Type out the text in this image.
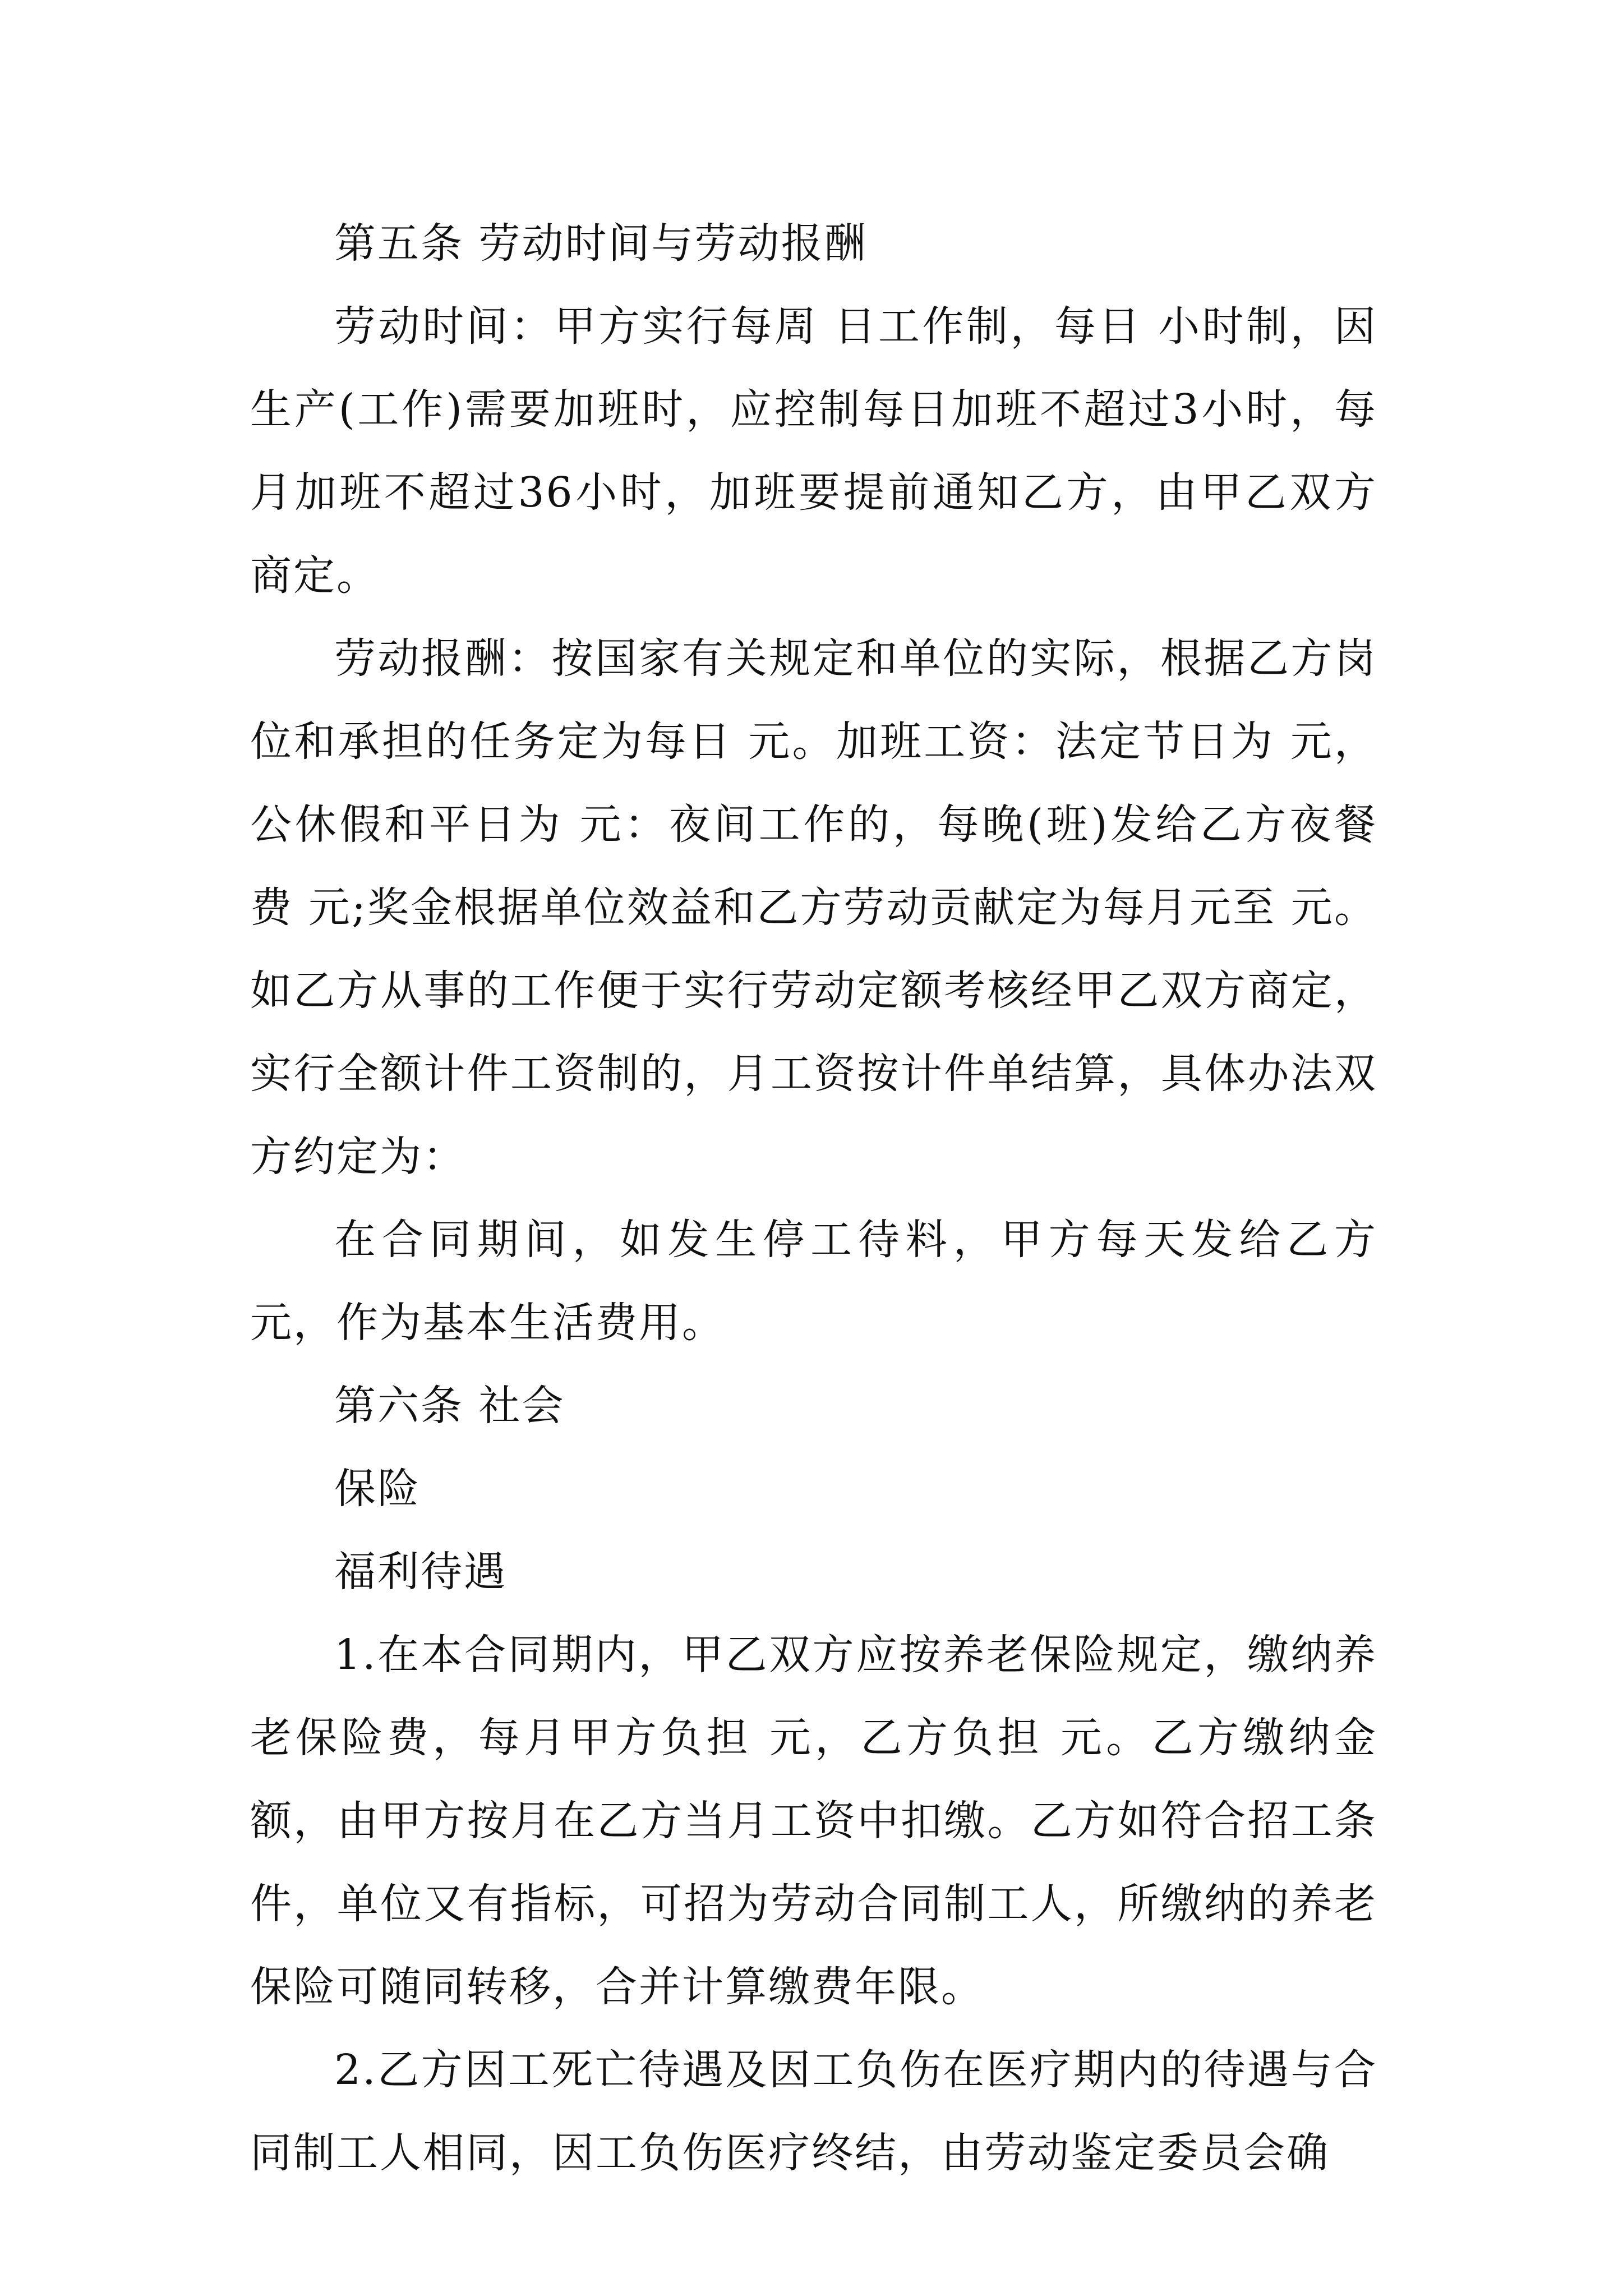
第五条 劳动时间与劳动报酬

劳动时间：甲方实行每周 日工作制，每日 小时制，因生产(工作)需要加班时，应控制每日加班不超过3小时，每月加班不超过36小时，加班要提前通知乙方，由甲乙双方商定。

劳动报酬：按国家有关规定和单位的实际，根据乙方岗位和承担的任务定为每日 元。加班工资：法定节日为 元，公休假和平日为 元：夜间工作的，每晚(班)发给乙方夜餐费 元;奖金根据单位效益和乙方劳动贡献定为每月元至 元。如乙方从事的工作便于实行劳动定额考核经甲乙双方商定，实行全额计件工资制的，月工资按计件单结算，具体办法双方约定为：

在合同期间，如发生停工待料，甲方每天发给乙方 元，作为基本生活费用。

第六条 社会

保险

福利待遇

1.在本合同期内，甲乙双方应按养老保险规定，缴纳养老保险费，每月甲方负担 元，乙方负担 元。乙方缴纳金额，由甲方按月在乙方当月工资中扣缴。乙方如符合招工条件，单位又有指标，可招为劳动合同制工人，所缴纳的养老保险可随同转移，合并计算缴费年限。

2.乙方因工死亡待遇及因工负伤在医疗期内的待遇与合同制工人相同，因工负伤医疗终结，由劳动鉴定委员会确
